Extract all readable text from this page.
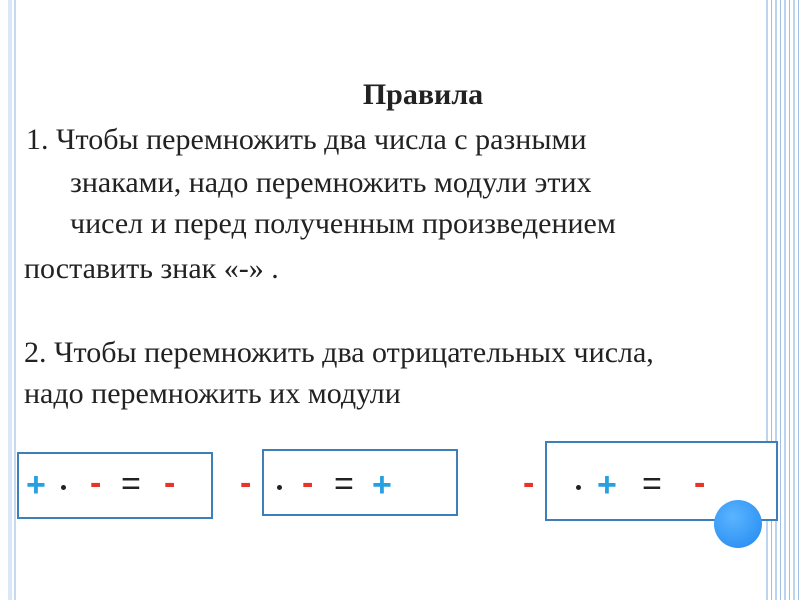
Правила
1. Чтобы перемножить два числа с разными
знаками, надо перемножить модули этих
чисел и перед полученным произведением
поставить знак «-» .
2. Чтобы перемножить два отрицательных числа,
надо перемножить их модули
+ - = - - - = +	- + = -
